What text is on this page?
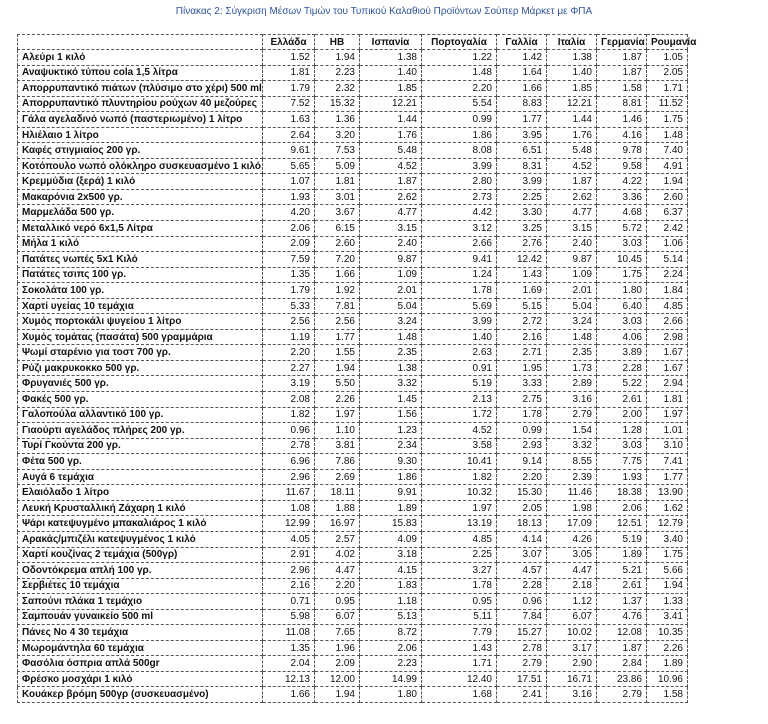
Πίνακας 2: Σύγκριση Μέσων Τιμών του Τυπικού Καλαθιού Προϊόντων Σούπερ Μάρκετ με ΦΠΑ
	Ελλάδα	ΗΒ	Ισπανία	Πορτογαλία	Γαλλία	Ιταλία	Γερμανία	Ρουμανία
Αλεύρι 1 κιλό	1.52	1.94	1.38	1.22	1.42	1.38	1.87	1.05
Αναψυκτικό τύπου cola 1,5 λίτρα	1.81	2.23	1.40	1.48	1.64	1.40	1.87	2.05
Απορρυπαντικό πιάτων (πλύσιμο στο χέρι) 500 ml	1.79	2.32	1.85	2.20	1.66	1.85	1.58	1.71
Απορρυπαντικό πλυντηρίου ρούχων 40 μεζούρες	7.52	15.32	12.21	5.54	8.83	12.21	8.81	11.52
Γάλα αγελαδινό νωπό (παστεριωμένο) 1 λίτρο	1.63	1.36	1.44	0.99	1.77	1.44	1.46	1.75
Ηλιέλαιο 1 λίτρο	2.64	3.20	1.76	1.86	3.95	1.76	4.16	1.48
Καφές στιγμιαίος 200 γρ.	9.61	7.53	5.48	8.08	6.51	5.48	9.78	7.40
Κοτόπουλο νωπό ολόκληρο συσκευασμένο 1 κιλό	5.65	5.09	4.52	3.99	8.31	4.52	9.58	4.91
Κρεμμύδια (ξερά) 1 κιλό	1.07	1.81	1.87	2.80	3.99	1.87	4.22	1.94
Μακαρόνια 2x500 γρ.	1.93	3.01	2.62	2.73	2.25	2.62	3.36	2.60
Μαρμελάδα 500 γρ.	4.20	3.67	4.77	4.42	3.30	4.77	4.68	6.37
Μεταλλικό νερό 6x1,5 Λίτρα	2.06	6.15	3.15	3.12	3.25	3.15	5.72	2.42
Μήλα 1 κιλό	2.09	2.60	2.40	2.66	2.76	2.40	3.03	1.06
Πατάτες νωπές 5x1 Κιλό	7.59	7.20	9.87	9.41	12.42	9.87	10.45	5.14
Πατάτες τσιπς 100 γρ.	1.35	1.66	1.09	1.24	1.43	1.09	1.75	2.24
Σοκολάτα 100 γρ.	1.79	1.92	2.01	1.78	1.69	2.01	1.80	1.84
Χαρτί υγείας 10 τεμάχια	5.33	7.81	5.04	5.69	5.15	5.04	6.40	4.85
Χυμός πορτοκάλι ψυγείου 1 λίτρο	2.56	2.56	3.24	3.99	2.72	3.24	3.03	2.66
Χυμός τομάτας (πασάτα) 500 γραμμάρια	1.19	1.77	1.48	1.40	2.16	1.48	4.06	2.98
Ψωμί σταρένιο για τοστ 700 γρ.	2.20	1.55	2.35	2.63	2.71	2.35	3.89	1.67
Ρύζι μακρυκοκκο 500 γρ.	2.27	1.94	1.38	0.91	1.95	1.73	2.28	1.67
Φρυγανιές 500 γρ.	3.19	5.50	3.32	5.19	3.33	2.89	5.22	2.94
Φακές 500 γρ.	2.08	2.26	1.45	2.13	2.75	3.16	2.61	1.81
Γαλοπούλα αλλαντικό 100 γρ.	1.82	1.97	1.56	1.72	1.78	2.79	2.00	1.97
Γιαούρτι αγελάδος πλήρες 200 γρ.	0.96	1.10	1.23	4.52	0.99	1.54	1.28	1.01
Τυρί Γκούντα 200 γρ.	2.78	3.81	2.34	3.58	2.93	3.32	3.03	3.10
Φέτα 500 γρ.	6.96	7.86	9.30	10.41	9.14	8.55	7.75	7.41
Αυγά 6 τεμάχια	2.96	2.69	1.86	1.82	2.20	2.39	1.93	1.77
Ελαιόλαδο 1 λίτρο	11.67	18.11	9.91	10.32	15.30	11.46	18.38	13.90
Λευκή Κρυσταλλική Ζάχαρη 1 κιλό	1.08	1.88	1.89	1.97	2.05	1.98	2.06	1.62
Ψάρι κατεψυγμένο μπακαλιάρος 1 κιλό	12.99	16.97	15.83	13.19	18.13	17.09	12.51	12.79
Αρακάς/μπιζέλι κατεψυγμένος 1 κιλό	4.05	2.57	4.09	4.85	4.14	4.26	5.19	3.40
Χαρτί κουζίνας 2 τεμάχια (500γρ)	2.91	4.02	3.18	2.25	3.07	3.05	1.89	1.75
Οδοντόκρεμα απλή 100 γρ.	2.96	4.47	4.15	3.27	4.57	4.47	5.21	5.66
Σερβιέτες 10 τεμάχια	2.16	2.20	1.83	1.78	2.28	2.18	2.61	1.94
Σαπούνι πλάκα 1 τεμάχιο	0.71	0.95	1.18	0.95	0.96	1.12	1.37	1.33
Σαμπουάν γυναικείο 500 ml	5.98	6.07	5.13	5.11	7.84	6.07	4.76	3.41
Πάνες Νο 4 30 τεμάχια	11.08	7.65	8.72	7.79	15.27	10.02	12.08	10.35
Μωρομάντηλα 60 τεμάχια	1.35	1.96	2.06	1.43	2.78	3.17	1.87	2.26
Φασόλια όσπρια απλά 500gr	2.04	2.09	2.23	1.71	2.79	2.90	2.84	1.89
Φρέσκο μοσχάρι 1 κιλό	12.13	12.00	14.99	12.40	17.51	16.71	23.86	10.96
Κουάκερ βρόμη 500γρ (συσκευασμένο)	1.66	1.94	1.80	1.68	2.41	3.16	2.79	1.58
